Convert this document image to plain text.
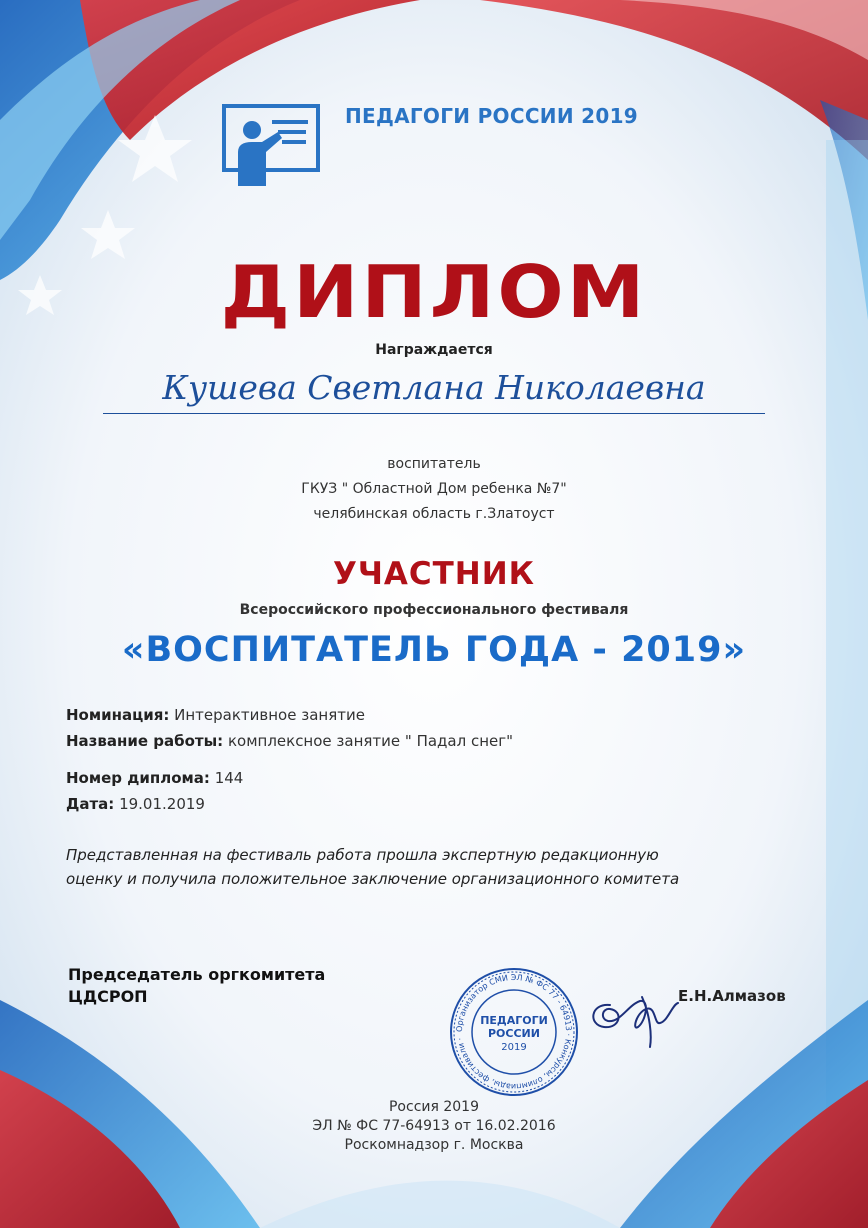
ПЕДАГОГИ РОССИИ 2019
ДИПЛОМ
Награждается
Кушева Светлана Николаевна
воспитатель
ГКУЗ " Областной Дом ребенка №7"
челябинская область г.Златоуст
УЧАСТНИК
Всероссийского профессионального фестиваля
«ВОСПИТАТЕЛЬ ГОДА - 2019»
Номинация: Интерактивное занятие
Название работы: комплексное занятие " Падал снег"
Номер диплома: 144
Дата: 19.01.2019
Представленная на фестиваль работа прошла экспертную редакционную
оценку и получила положительное заключение организационного комитета
Председатель оргкомитета
ЦДСРОП
Организатор СМИ ЭЛ № ФС 77 - 64913 · Конкурсы, олимпиады, фестивали ·
ПЕДАГОГИ
РОССИИ
2019
Е.Н.Алмазов
Россия 2019
ЭЛ № ФС 77-64913 от 16.02.2016
Роскомнадзор г. Москва
